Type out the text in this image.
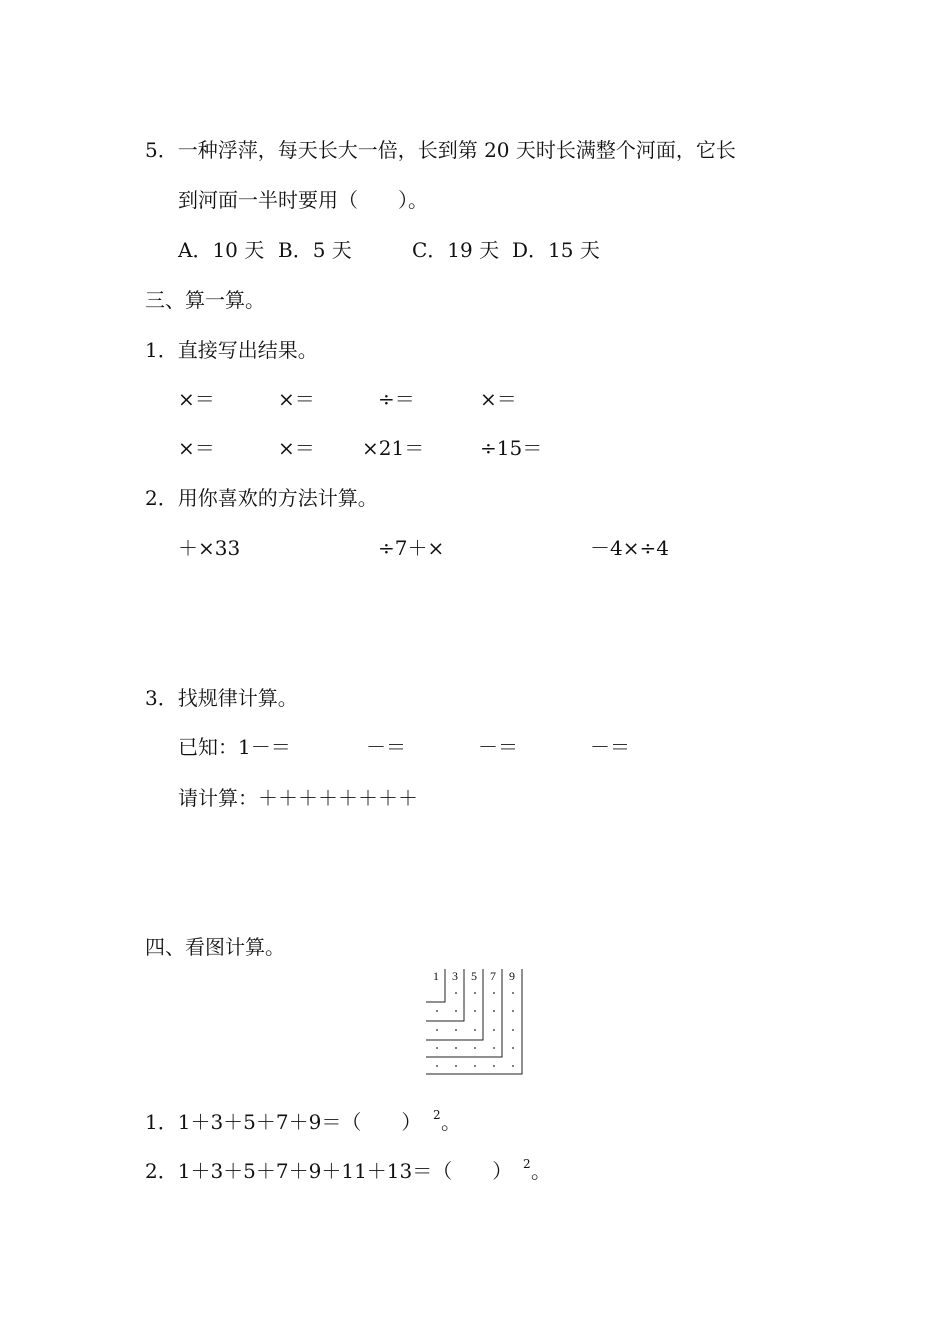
5．一种浮萍，每天长大一倍，长到第 20 天时长满整个河面，它长
到河面一半时要用（　　）。
A．10 天 B．5 天	C．19 天 D．15 天
三、算一算。
1．直接写出结果。
×＝	×＝	÷＝	×＝
×＝	×＝ ×21＝	÷15＝
2．用你喜欢的方法计算。
＋×33	÷7＋×	－4×÷4
3．找规律计算。
已知：1－＝	－＝	－＝	－＝
请计算：＋＋＋＋＋＋＋＋
四、看图计算。
1 3 5 7 9
1．1＋3＋5＋7＋9＝（　　） 2 。
2．1＋3＋5＋7＋9＋11＋13＝（　　） 2 。
